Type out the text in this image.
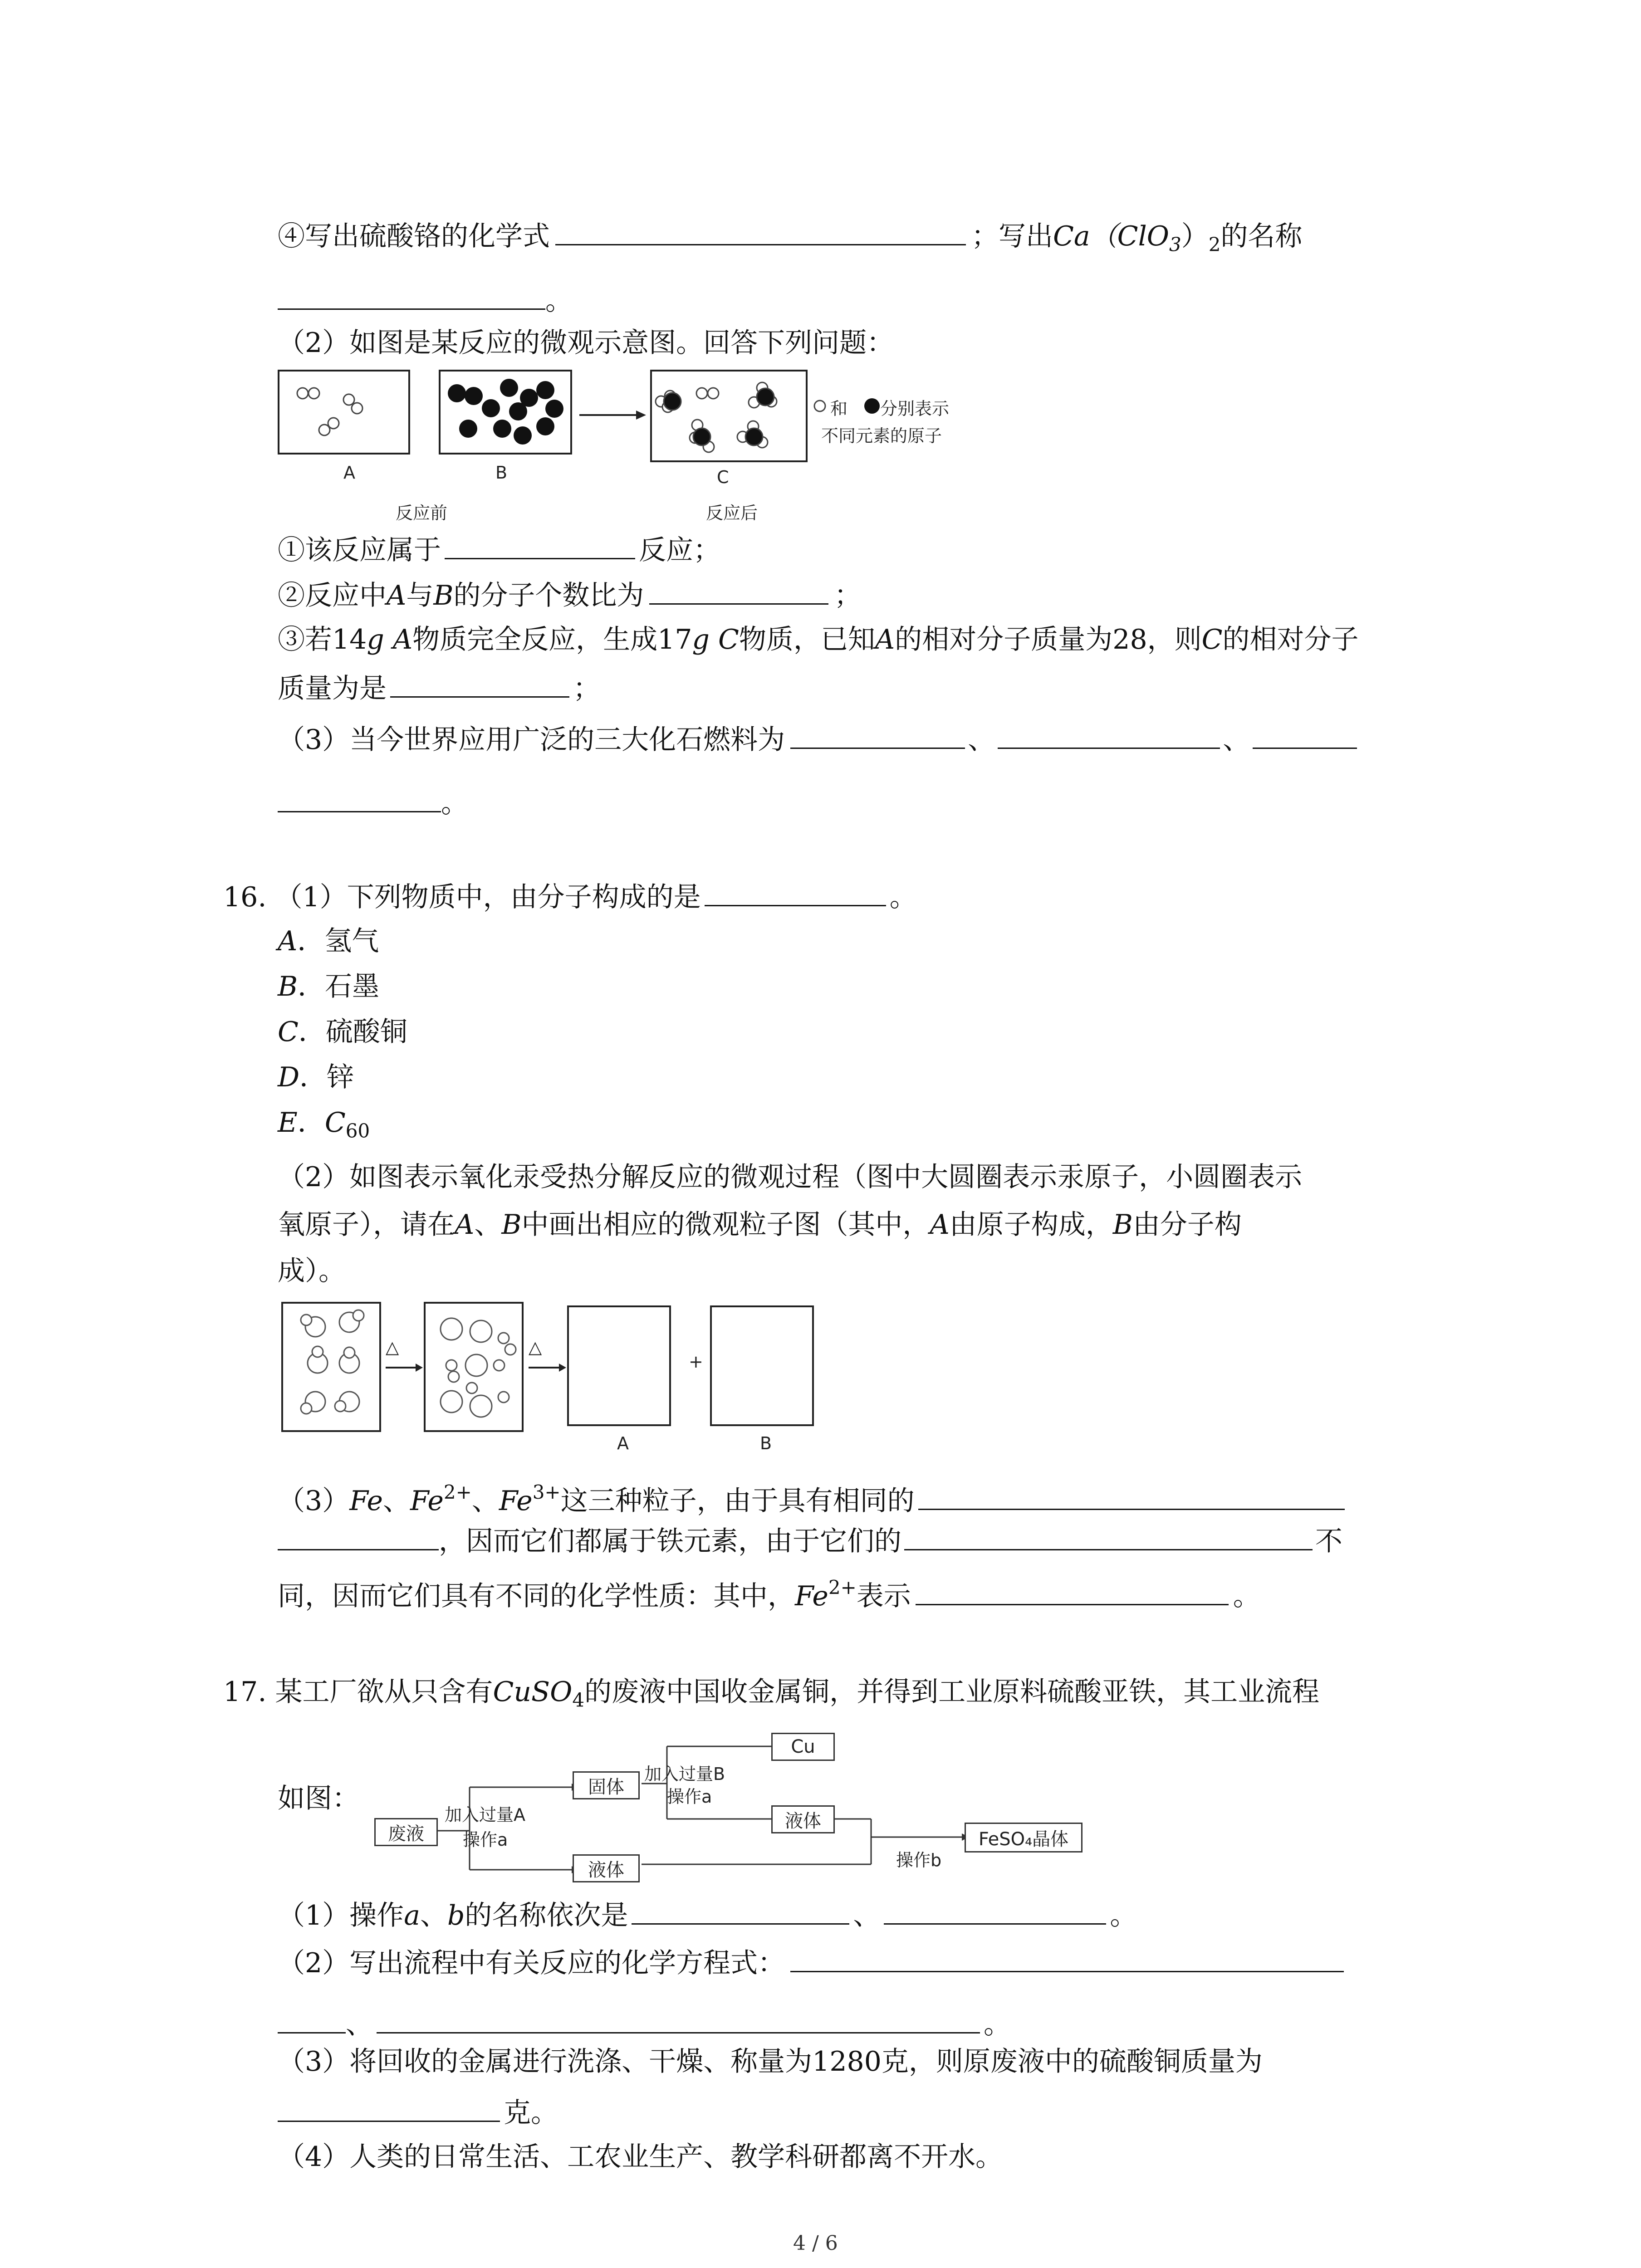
④写出硫酸铬的化学式	；写出$Ca(ClO_3)_2$的名称
。
（2）如图是某反应的微观示意图。回答下列问题：
和 分别表示
不同元素的原子
A	B	C
反应前	反应后
①该反应属于	反应；
②反应中A与B的分子个数比为	；
③若14g A物质完全反应，生成17g C物质，已知A的相对分子质量为28，则C的相对分子
质量为是	；
（3）当今世界应用广泛的三大化石燃料为	、	、
。
16. （1）下列物质中，由分子构成的是	。
A．氢气
B．石墨
C．硫酸铜
D．锌
E．$C_{60}$
（2）如图表示氧化汞受热分解反应的微观过程（图中大圆圈表示汞原子，小圆圈表示
氧原子），请在A、B中画出相应的微观粒子图（其中，A由原子构成，B由分子构
成）。
△	△
+
A	B
（3）Fe、$Fe^{2+}$、$Fe^{3+}$这三种粒子，由于具有相同的
，因而它们都属于铁元素，由于它们的	不
同，因而它们具有不同的化学性质：其中，$Fe^{2+}$表示	。
17. 某工厂欲从只含有CuSO$_4$的废液中国收金属铜，并得到工业原料硫酸亚铁，其工业流程
如图：
废液
固体
液体
Cu
液体
FeSO₄晶体
加入过量A
操作a
加入过量B
操作a
操作b
（1）操作a、b的名称依次是	、	。
（2）写出流程中有关反应的化学方程式：
、	。
（3）将回收的金属进行洗涤、干燥、称量为1280克，则原废液中的硫酸铜质量为
克。
（4）人类的日常生活、工农业生产、教学科研都离不开水。
4 / 6
